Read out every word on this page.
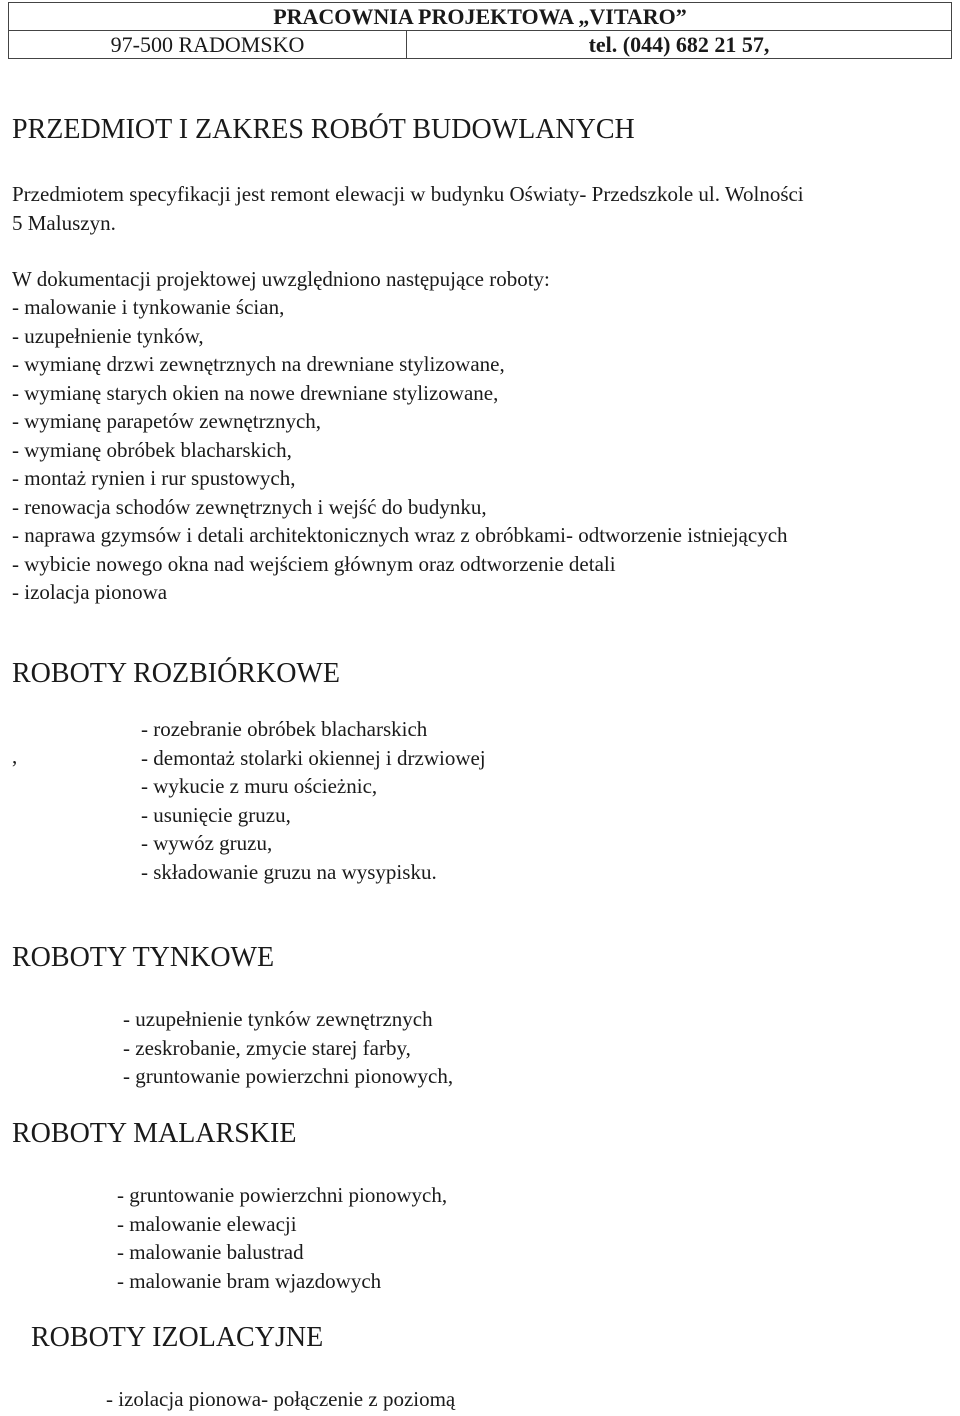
PRACOWNIA PROJEKTOWA „VITARO”
97-500 RADOMSKO	tel. (044) 682 21 57,
PRZEDMIOT I ZAKRES ROBÓT BUDOWLANYCH

Przedmiotem specyfikacji jest remont elewacji w budynku Oświaty- Przedszkole ul. Wolności

5 Maluszyn.

W dokumentacji projektowej uwzględniono następujące roboty:

- malowanie i tynkowanie ścian,
- uzupełnienie tynków,
- wymianę drzwi zewnętrznych na drewniane stylizowane,
- wymianę starych okien na nowe drewniane stylizowane,
- wymianę parapetów zewnętrznych,
- wymianę obróbek blacharskich,
- montaż rynien i rur spustowych,
- renowacja schodów zewnętrznych i wejść do budynku,
- naprawa gzymsów i detali architektonicznych wraz z obróbkami- odtworzenie istniejących
- wybicie nowego okna nad wejściem głównym oraz odtworzenie detali
- izolacja pionowa
ROBOTY ROZBIÓRKOWE
,
- rozebranie obróbek blacharskich
- demontaż stolarki okiennej i drzwiowej
- wykucie z muru ościeżnic,
- usunięcie gruzu,
- wywóz gruzu,
- składowanie gruzu na wysypisku.
ROBOTY TYNKOWE
- uzupełnienie tynków zewnętrznych
- zeskrobanie, zmycie starej farby,
- gruntowanie powierzchni pionowych,
ROBOTY MALARSKIE
- gruntowanie powierzchni pionowych,
- malowanie elewacji
- malowanie balustrad
- malowanie bram wjazdowych
ROBOTY IZOLACYJNE
- izolacja pionowa- połączenie z poziomą
